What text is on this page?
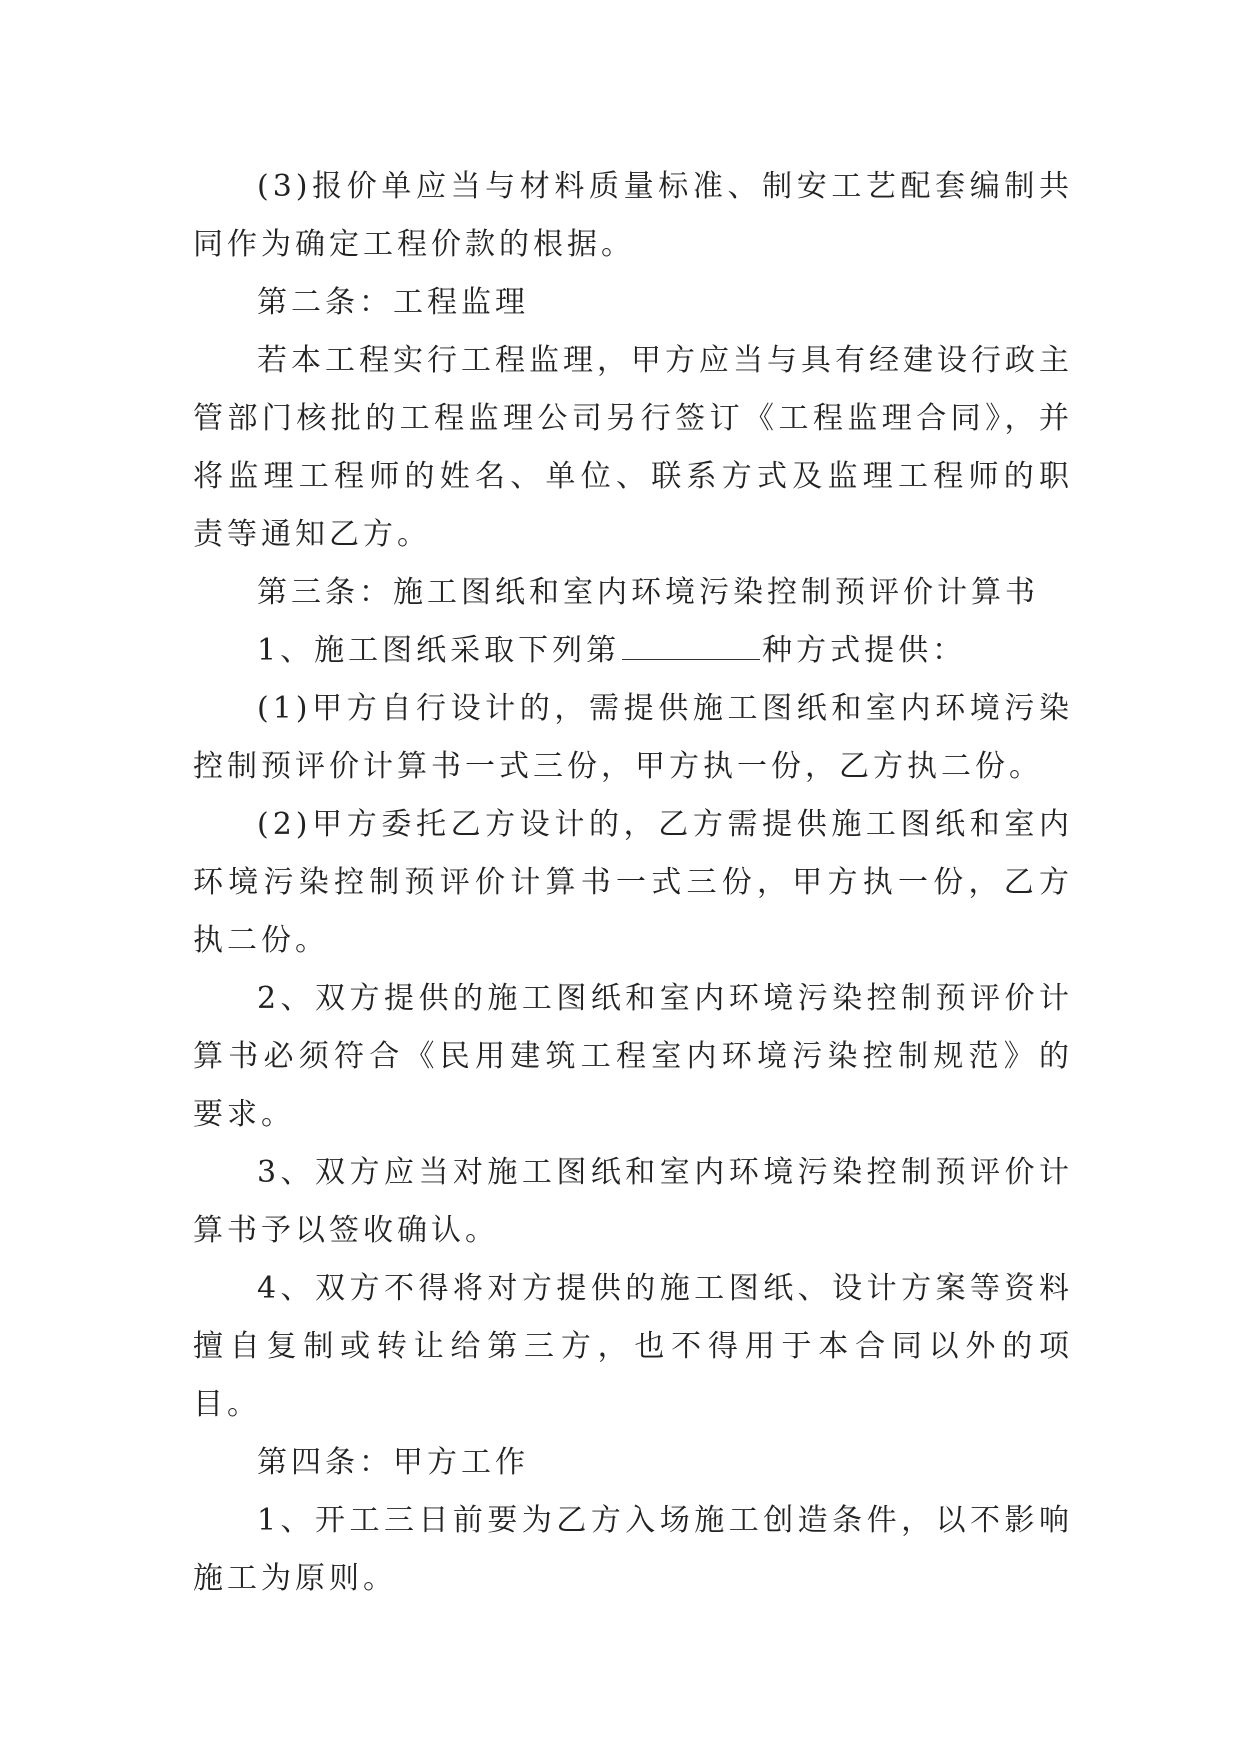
(3)报价单应当与材料质量标准、制安工艺配套编制共同作为确定工程价款的根据。

第二条：工程监理

若本工程实行工程监理，甲方应当与具有经建设行政主管部门核批的工程监理公司另行签订《工程监理合同》，并将监理工程师的姓名、单位、联系方式及监理工程师的职责等通知乙方。

第三条：施工图纸和室内环境污染控制预评价计算书

1、施工图纸采取下列第	种方式提供：

(1)甲方自行设计的，需提供施工图纸和室内环境污染控制预评价计算书一式三份，甲方执一份，乙方执二份。

(2)甲方委托乙方设计的，乙方需提供施工图纸和室内环境污染控制预评价计算书一式三份，甲方执一份，乙方执二份。

2、双方提供的施工图纸和室内环境污染控制预评价计算书必须符合《民用建筑工程室内环境污染控制规范》的要求。

3、双方应当对施工图纸和室内环境污染控制预评价计算书予以签收确认。

4、双方不得将对方提供的施工图纸、设计方案等资料擅自复制或转让给第三方，也不得用于本合同以外的项目。

第四条：甲方工作

1、开工三日前要为乙方入场施工创造条件，以不影响施工为原则。
